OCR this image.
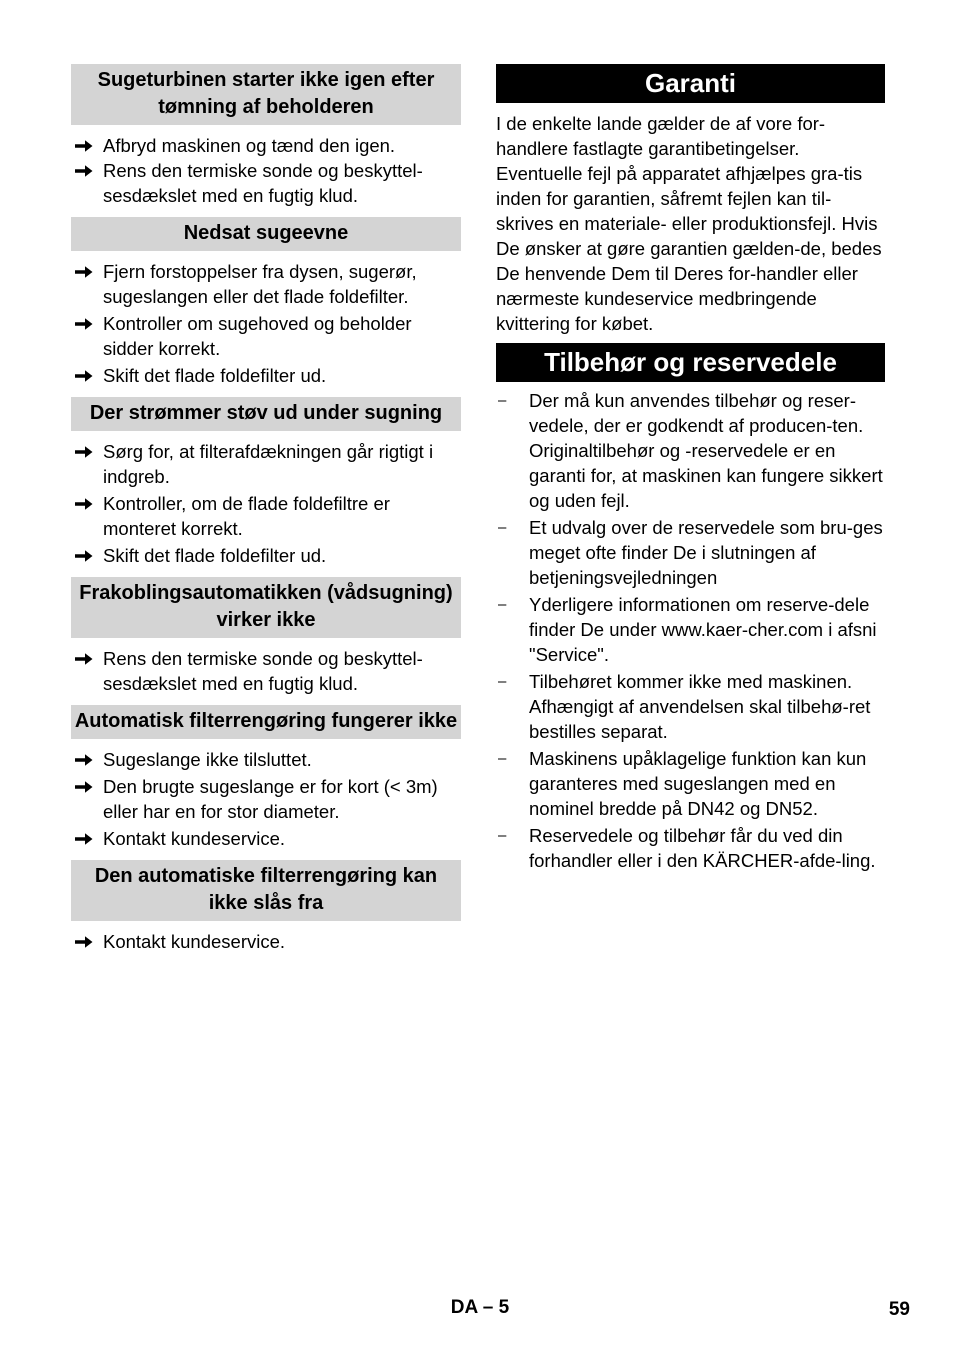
Sugeturbinen starter ikke igen efter tømning af beholderen
Afbryd maskinen og tænd den igen.
Rens den termiske sonde og beskyttel-sesdækslet med en fugtig klud.
Nedsat sugeevne
Fjern forstoppelser fra dysen, sugerør, sugeslangen eller det flade foldefilter.
Kontroller om sugehoved og beholder sidder korrekt.
Skift det flade foldefilter ud.
Der strømmer støv ud under sugning
Sørg for, at filterafdækningen går rigtigt i indgreb.
Kontroller, om de flade foldefiltre er monteret korrekt.
Skift det flade foldefilter ud.
Frakoblingsautomatikken (vådsugning) virker ikke
Rens den termiske sonde og beskyttel-sesdækslet med en fugtig klud.
Automatisk filterrengøring fungerer ikke
Sugeslange ikke tilsluttet.
Den brugte sugeslange er for kort (< 3m) eller har en for stor diameter.
Kontakt kundeservice.
Den automatiske filterrengøring kan ikke slås fra
Kontakt kundeservice.
Garanti

I de enkelte lande gælder de af vore for-handlere fastlagte garantibetingelser. Eventuelle fejl på apparatet afhjælpes gra-tis inden for garantien, såfremt fejlen kan til-skrives en materiale- eller produktionsfejl. Hvis De ønsker at gøre garantien gælden-de, bedes De henvende Dem til Deres for-handler eller nærmeste kundeservice medbringende kvittering for købet.

Tilbehør og reservedele
– Der må kun anvendes tilbehør og reser-vedele, der er godkendt af producen-ten. Originaltilbehør og -reservedele er en garanti for, at maskinen kan fungere sikkert og uden fejl.
– Et udvalg over de reservedele som bru-ges meget ofte finder De i slutningen af betjeningsvejledningen
– Yderligere informationen om reserve-dele finder De under www.kaer-cher.com i afsni "Service".
– Tilbehøret kommer ikke med maskinen. Afhængigt af anvendelsen skal tilbehø-ret bestilles separat.
– Maskinens upåklagelige funktion kan kun garanteres med sugeslangen med en nominel bredde på DN42 og DN52.
– Reservedele og tilbehør får du ved din forhandler eller i den KÄRCHER-afde-ling.
DA – 5	59
